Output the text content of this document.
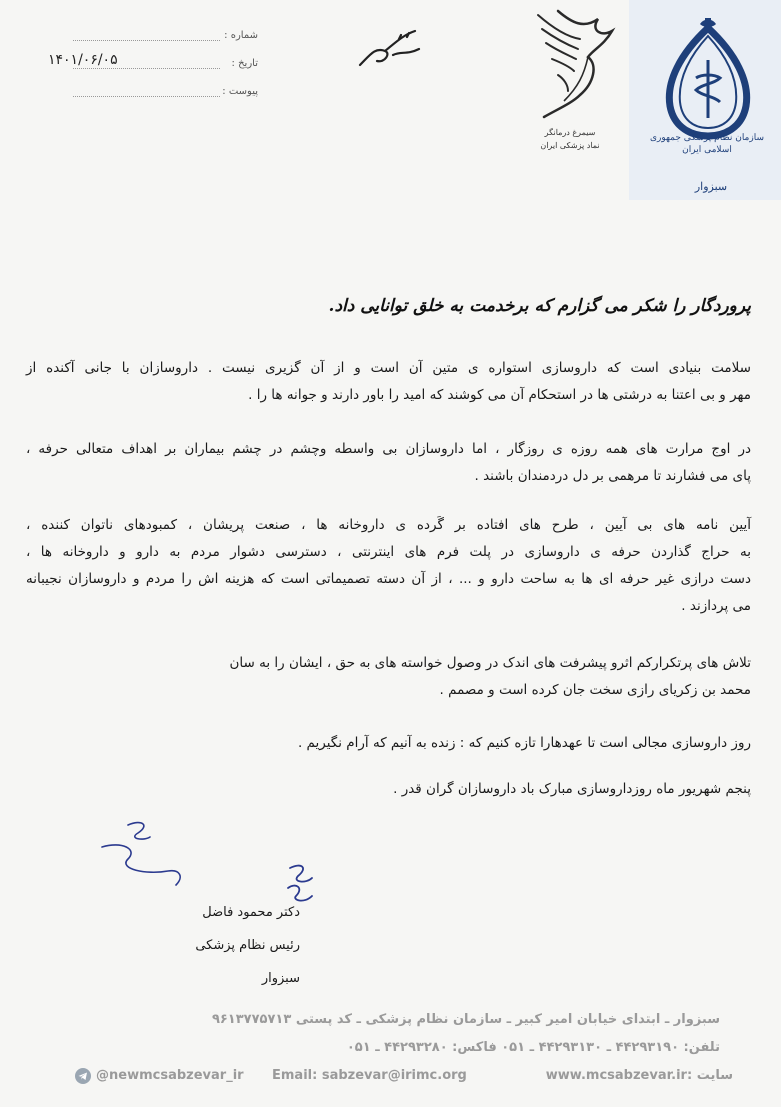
شماره :
تاریخ :
۱۴۰۱/۰۶/۰۵
پیوست :
سیمرغ درمانگر
نماد پزشکی ایران
سازمان نظام پزشکی جمهوری اسلامی ایران
سبزوار
پروردگار را شکر می گزارم که برخدمت به خلق توانایی داد.
سلامت بنیادی است که داروسازی استواره ی متین آن است و از آن گزیری نیست . داروسازان با جانی آکنده از
مهر و بی اعتنا به درشتی ها در استحکام آن می کوشند که امید را باور دارند و جوانه ها را .
در اوج مرارت های همه روزه ی روزگار ، اما داروسازان بی واسطه وچشم در چشم بیماران بر اهداف متعالی حرفه ،
پای می فشارند تا مرهمی بر دل دردمندان باشند .
آیین نامه های بی آیین ، طرح های افتاده بر گَرده ی داروخانه ها ، صنعت پریشان ، کمبودهای ناتوان کننده ،
به حراج گذاردن حرفه ی داروسازی در پلت فرم های اینترنتی ، دسترسی دشوار مردم به دارو و داروخانه ها ،
دست درازی غیر حرفه ای ها به ساحت دارو و ... ، از آن دسته تصمیماتی است که هزینه اش را مردم و داروسازان نجیبانه
می پردازند .
تلاش های پرتکرارکم اثرو پیشرفت های اندک در وصول خواسته های به حق ، ایشان را به سان
محمد بن زکریای رازی سخت جان کرده است و مصمم .
روز داروسازی مجالی است تا عهدهارا تازه کنیم که : زنده به آنیم که آرام نگیریم .
پنجم شهریور ماه روزداروسازی مبارک باد داروسازان گران قدر .
دکتر محمود فاضل
رئیس نظام پزشکی سبزوار
سبزوار ـ ابتدای خیابان امیر کبیر ـ سازمان نظام پزشکی ـ کد پستی ۹۶۱۳۷۷۵۷۱۳
تلفن: ۴۴۲۹۳۱۹۰ ـ ۴۴۲۹۳۱۳۰ ـ ۰۵۱ فاکس: ۴۴۲۹۳۲۸۰ ـ ۰۵۱
www.mcsabzevar.ir: سایت
Email: sabzevar@irimc.org
@newmcsabzevar_ir
